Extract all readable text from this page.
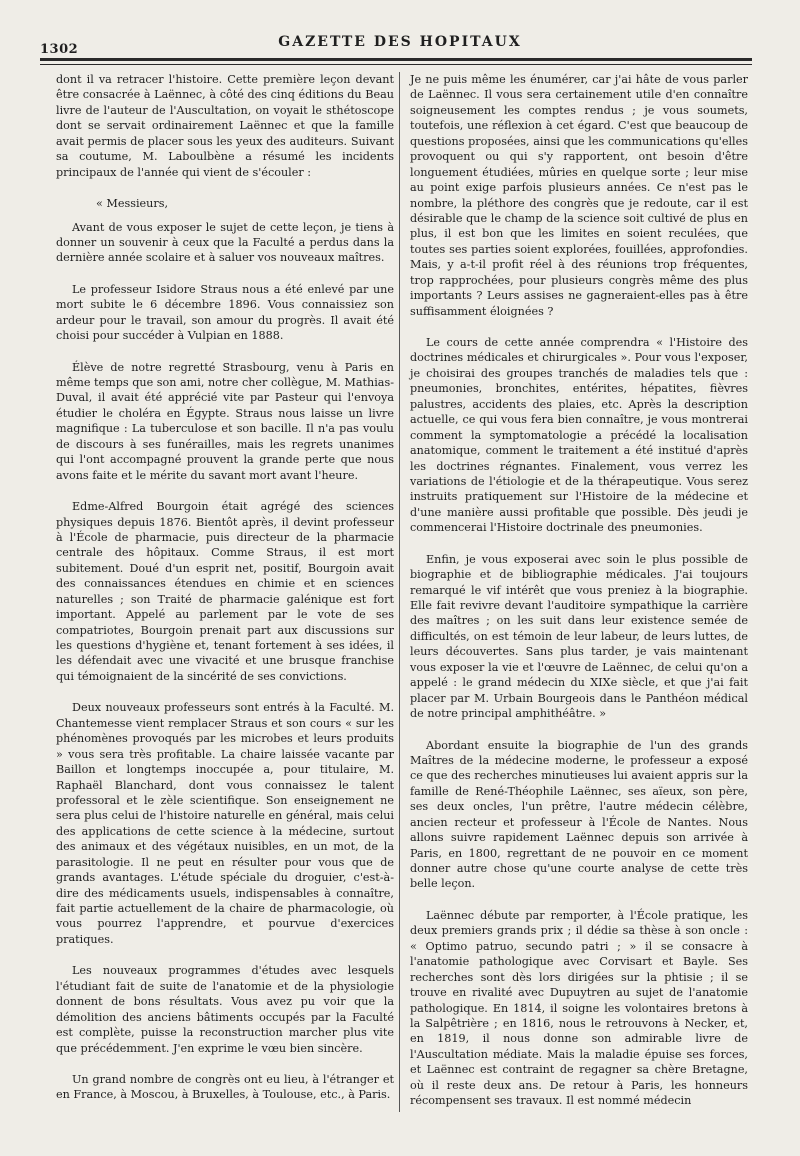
1302	GAZETTE DES HOPITAUX

dont il va retracer l'histoire. Cette première leçon devant être consacrée à Laënnec, à côté des cinq éditions du Beau livre de l'auteur de l'Auscultation, on voyait le sthétoscope dont se servait ordinairement Laënnec et que la famille avait permis de placer sous les yeux des auditeurs. Suivant sa coutume, M. Laboulbène a résumé les incidents principaux de l'année qui vient de s'écouler :

« Messieurs,

Avant de vous exposer le sujet de cette leçon, je tiens à donner un souvenir à ceux que la Faculté a perdus dans la dernière année scolaire et à saluer vos nouveaux maîtres.

Le professeur Isidore Straus nous a été enlevé par une mort subite le 6 décembre 1896. Vous connaissiez son ardeur pour le travail, son amour du progrès. Il avait été choisi pour succéder à Vulpian en 1888.

Élève de notre regretté Strasbourg, venu à Paris en même temps que son ami, notre cher collègue, M. Mathias-Duval, il avait été apprécié vite par Pasteur qui l'envoya étudier le choléra en Égypte. Straus nous laisse un livre magnifique : La tuberculose et son bacille. Il n'a pas voulu de discours à ses funérailles, mais les regrets unanimes qui l'ont accompagné prouvent la grande perte que nous avons faite et le mérite du savant mort avant l'heure.

Edme-Alfred Bourgoin était agrégé des sciences physiques depuis 1876. Bientôt après, il devint professeur à l'École de pharmacie, puis directeur de la pharmacie centrale des hôpitaux. Comme Straus, il est mort subitement. Doué d'un esprit net, positif, Bourgoin avait des connaissances étendues en chimie et en sciences naturelles ; son Traité de pharmacie galénique est fort important. Appelé au parlement par le vote de ses compatriotes, Bourgoin prenait part aux discussions sur les questions d'hygiène et, tenant fortement à ses idées, il les défendait avec une vivacité et une brusque franchise qui témoignaient de la sincérité de ses convictions.

Deux nouveaux professeurs sont entrés à la Faculté. M. Chantemesse vient remplacer Straus et son cours « sur les phénomènes provoqués par les microbes et leurs produits » vous sera très profitable. La chaire laissée vacante par Baillon et longtemps inoccupée a, pour titulaire, M. Raphaël Blanchard, dont vous connaissez le talent professoral et le zèle scientifique. Son enseignement ne sera plus celui de l'histoire naturelle en général, mais celui des applications de cette science à la médecine, surtout des animaux et des végétaux nuisibles, en un mot, de la parasitologie. Il ne peut en résulter pour vous que de grands avantages. L'étude spéciale du droguier, c'est-à-dire des médicaments usuels, indispensables à connaître, fait partie actuellement de la chaire de pharmacologie, où vous pourrez l'apprendre, et pourvue d'exercices pratiques.

Les nouveaux programmes d'études avec lesquels l'étudiant fait de suite de l'anatomie et de la physiologie donnent de bons résultats. Vous avez pu voir que la démolition des anciens bâtiments occupés par la Faculté est complète, puisse la reconstruction marcher plus vite que précédemment. J'en exprime le vœu bien sincère.

Un grand nombre de congrès ont eu lieu, à l'étranger et en France, à Moscou, à Bruxelles, à Toulouse, etc., à Paris.

Je ne puis même les énumérer, car j'ai hâte de vous parler de Laënnec. Il vous sera certainement utile d'en connaître soigneusement les comptes rendus ; je vous soumets, toutefois, une réflexion à cet égard. C'est que beaucoup de questions proposées, ainsi que les communications qu'elles provoquent ou qui s'y rapportent, ont besoin d'être longuement étudiées, mûries en quelque sorte ; leur mise au point exige parfois plusieurs années. Ce n'est pas le nombre, la pléthore des congrès que je redoute, car il est désirable que le champ de la science soit cultivé de plus en plus, il est bon que les limites en soient reculées, que toutes ses parties soient explorées, fouillées, approfondies. Mais, y a-t-il profit réel à des réunions trop fréquentes, trop rapprochées, pour plusieurs congrès même des plus importants ? Leurs assises ne gagneraient-elles pas à être suffisamment éloignées ?

Le cours de cette année comprendra « l'Histoire des doctrines médicales et chirurgicales ». Pour vous l'exposer, je choisirai des groupes tranchés de maladies tels que : pneumonies, bronchites, entérites, hépatites, fièvres palustres, accidents des plaies, etc. Après la description actuelle, ce qui vous fera bien connaître, je vous montrerai comment la symptomatologie a précédé la localisation anatomique, comment le traitement a été institué d'après les doctrines régnantes. Finalement, vous verrez les variations de l'étiologie et de la thérapeutique. Vous serez instruits pratiquement sur l'Histoire de la médecine et d'une manière aussi profitable que possible. Dès jeudi je commencerai l'Histoire doctrinale des pneumonies.

Enfin, je vous exposerai avec soin le plus possible de biographie et de bibliographie médicales. J'ai toujours remarqué le vif intérêt que vous preniez à la biographie. Elle fait revivre devant l'auditoire sympathique la carrière des maîtres ; on les suit dans leur existence semée de difficultés, on est témoin de leur labeur, de leurs luttes, de leurs découvertes. Sans plus tarder, je vais maintenant vous exposer la vie et l'œuvre de Laënnec, de celui qu'on a appelé : le grand médecin du XIXe siècle, et que j'ai fait placer par M. Urbain Bourgeois dans le Panthéon médical de notre principal amphithéâtre. »

Abordant ensuite la biographie de l'un des grands Maîtres de la médecine moderne, le professeur a exposé ce que des recherches minutieuses lui avaient appris sur la famille de René-Théophile Laënnec, ses aïeux, son père, ses deux oncles, l'un prêtre, l'autre médecin célèbre, ancien recteur et professeur à l'École de Nantes. Nous allons suivre rapidement Laënnec depuis son arrivée à Paris, en 1800, regrettant de ne pouvoir en ce moment donner autre chose qu'une courte analyse de cette très belle leçon.

Laënnec débute par remporter, à l'École pratique, les deux premiers grands prix ; il dédie sa thèse à son oncle : « Optimo patruo, secundo patri ; » il se consacre à l'anatomie pathologique avec Corvisart et Bayle. Ses recherches sont dès lors dirigées sur la phtisie ; il se trouve en rivalité avec Dupuytren au sujet de l'anatomie pathologique. En 1814, il soigne les volontaires bretons à la Salpêtrière ; en 1816, nous le retrouvons à Necker, et, en 1819, il nous donne son admirable livre de l'Auscultation médiate. Mais la maladie épuise ses forces, et Laënnec est contraint de regagner sa chère Bretagne, où il reste deux ans. De retour à Paris, les honneurs récompensent ses travaux. Il est nommé médecin
